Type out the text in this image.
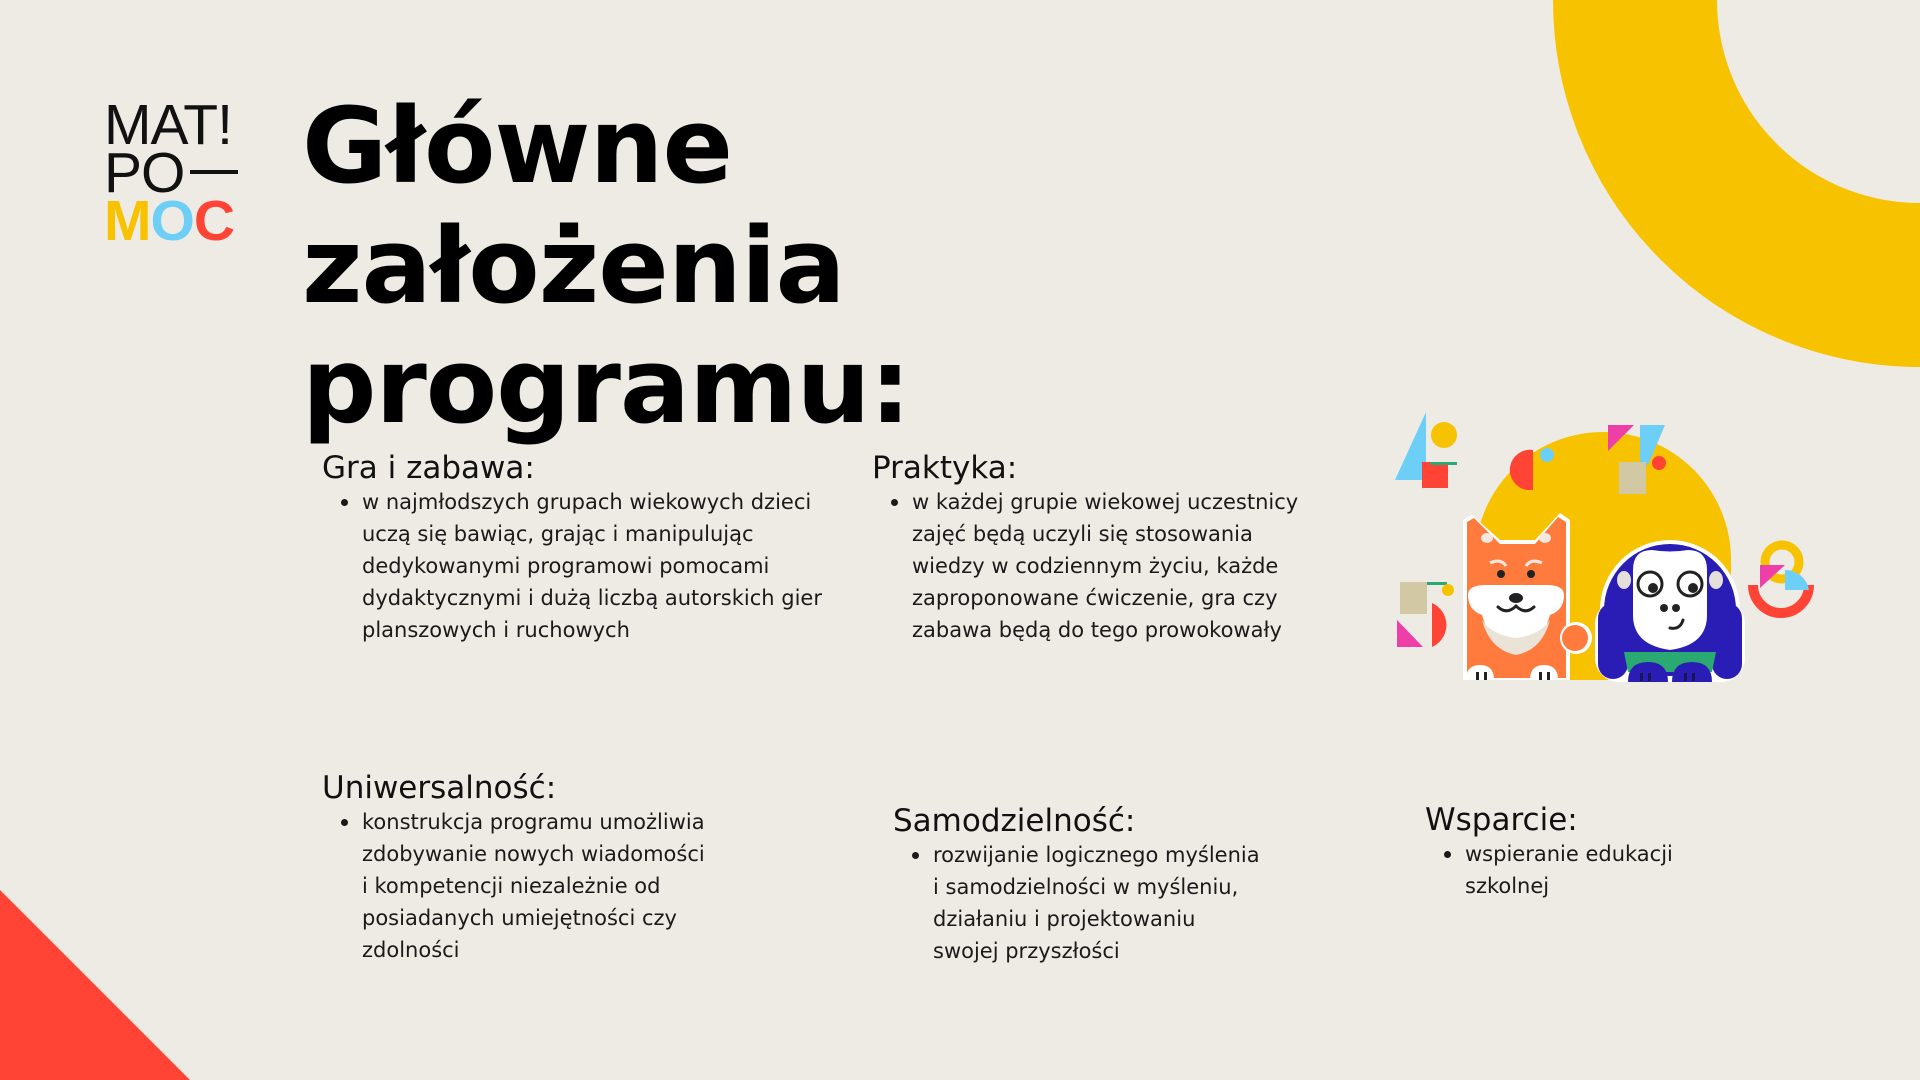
MAT!
PO
MOC
Główne założenia
programu:
Gra i zabawa:
w najmłodszych grupach wiekowych dzieci
uczą się bawiąc, grając i manipulując
dedykowanymi programowi pomocami
dydaktycznymi i dużą liczbą autorskich gier
planszowych i ruchowych
Praktyka:
w każdej grupie wiekowej uczestnicy
zajęć będą uczyli się stosowania
wiedzy w codziennym życiu, każde
zaproponowane ćwiczenie, gra czy
zabawa będą do tego prowokowały
Uniwersalność:
konstrukcja programu umożliwia
zdobywanie nowych wiadomości
i kompetencji niezależnie od
posiadanych umiejętności czy
zdolności
Samodzielność:
rozwijanie logicznego myślenia
i samodzielności w myśleniu,
działaniu i projektowaniu
swojej przyszłości
Wsparcie:
wspieranie edukacji
szkolnej
